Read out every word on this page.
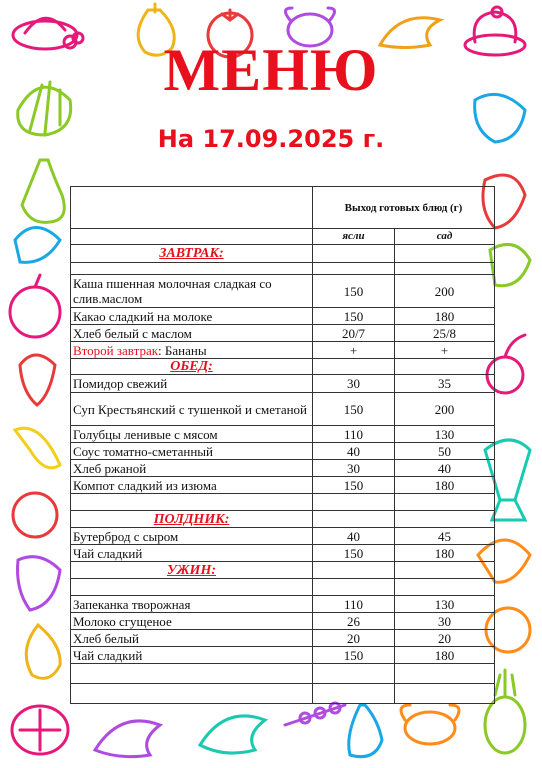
МЕНЮ
На 17.09.2025 г.
	Выход готовых блюд (г)	
	ясли	сад
ЗАВТРАК:		

Каша пшенная молочная сладкая со слив.маслом	150	200
Какао сладкий на молоке	150	180
Хлеб белый с маслом	20/7	25/8
Второй завтрак: Бананы	+	+
ОБЕД:		
Помидор свежий	30	35
Суп Крестьянский с тушенкой и сметаной	150	200
Голубцы ленивые с мясом	110	130
Соус томатно-сметанный	40	50
Хлеб ржаной	30	40
Компот сладкий из изюма	150	180

ПОЛДНИК:		
Бутерброд с сыром	40	45
Чай сладкий	150	180
УЖИН:		

Запеканка творожная	110	130
Молоко сгущеное	26	30
Хлеб белый	20	20
Чай сладкий	150	180
